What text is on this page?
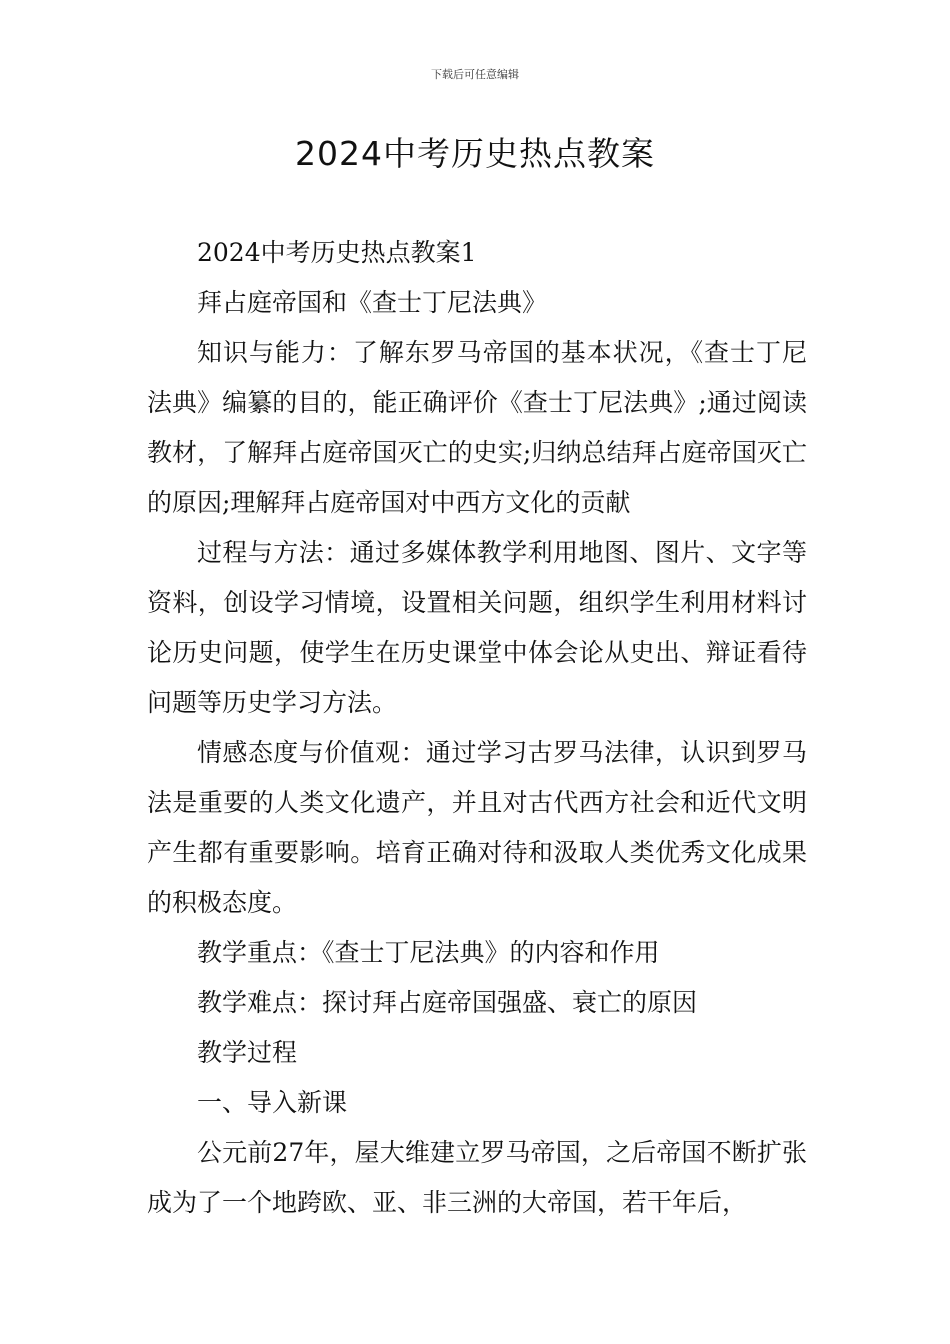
下载后可任意编辑
2024中考历史热点教案

2024中考历史热点教案1

拜占庭帝国和《查士丁尼法典》

知识与能力：了解东罗马帝国的基本状况，《查士丁尼法典》编纂的目的，能正确评价《查士丁尼法典》;通过阅读教材，了解拜占庭帝国灭亡的史实;归纳总结拜占庭帝国灭亡的原因;理解拜占庭帝国对中西方文化的贡献

过程与方法：通过多媒体教学利用地图、图片、文字等资料，创设学习情境，设置相关问题，组织学生利用材料讨论历史问题，使学生在历史课堂中体会论从史出、辩证看待问题等历史学习方法。

情感态度与价值观：通过学习古罗马法律，认识到罗马法是重要的人类文化遗产，并且对古代西方社会和近代文明产生都有重要影响。培育正确对待和汲取人类优秀文化成果的积极态度。

教学重点：《查士丁尼法典》的内容和作用

教学难点：探讨拜占庭帝国强盛、衰亡的原因

教学过程

一、导入新课

公元前27年，屋大维建立罗马帝国，之后帝国不断扩张成为了一个地跨欧、亚、非三洲的大帝国，若干年后，
